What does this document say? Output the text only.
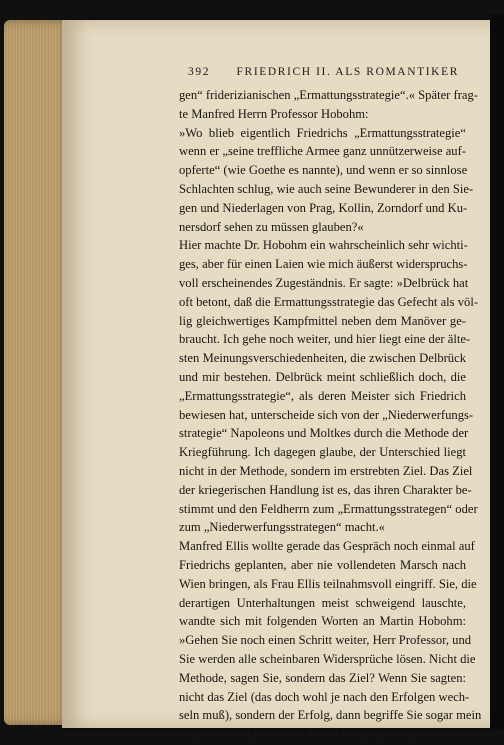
392 FRIEDRICH II. ALS ROMANTIKER
gen“ friderizianischen „Ermattungsstrategie“.« Später frag-
te Manfred Herrn Professor Hobohm:
»Wo blieb eigentlich Friedrichs „Ermattungsstrategie“
wenn er „seine treffliche Armee ganz unnützerweise auf-
opferte“ (wie Goethe es nannte), und wenn er so sinnlose
Schlachten schlug, wie auch seine Bewunderer in den Sie-
gen und Niederlagen von Prag, Kollin, Zorndorf und Ku-
nersdorf sehen zu müssen glauben?«
Hier machte Dr. Hobohm ein wahrscheinlich sehr wichti-
ges, aber für einen Laien wie mich äußerst widerspruchs-
voll erscheinendes Zugeständnis. Er sagte: »Delbrück hat
oft betont, daß die Ermattungsstrategie das Gefecht als völ-
lig gleichwertiges Kampfmittel neben dem Manöver ge-
braucht. Ich gehe noch weiter, und hier liegt eine der älte-
sten Meinungsverschiedenheiten, die zwischen Delbrück
und mir bestehen. Delbrück meint schließlich doch, die
„Ermattungsstrategie“, als deren Meister sich Friedrich
bewiesen hat, unterscheide sich von der „Niederwerfungs-
strategie“ Napoleons und Moltkes durch die Methode der
Kriegführung. Ich dagegen glaube, der Unterschied liegt
nicht in der Methode, sondern im erstrebten Ziel. Das Ziel
der kriegerischen Handlung ist es, das ihren Charakter be-
stimmt und den Feldherrn zum „Ermattungsstrategen“ oder
zum „Niederwerfungsstrategen“ macht.«
Manfred Ellis wollte gerade das Gespräch noch einmal auf
Friedrichs geplanten, aber nie vollendeten Marsch nach
Wien bringen, als Frau Ellis teilnahmsvoll eingriff. Sie, die
derartigen Unterhaltungen meist schweigend lauschte,
wandte sich mit folgenden Worten an Martin Hobohm:
»Gehen Sie noch einen Schritt weiter, Herr Professor, und
Sie werden alle scheinbaren Widersprüche lösen. Nicht die
Methode, sagen Sie, sondern das Ziel? Wenn Sie sagten:
nicht das Ziel (das doch wohl je nach den Erfolgen wech-
seln muß), sondern der Erfolg, dann begriffe Sie sogar mein
ungelehrter Mutterwitz.« Frau Ellis sprach englisch und
